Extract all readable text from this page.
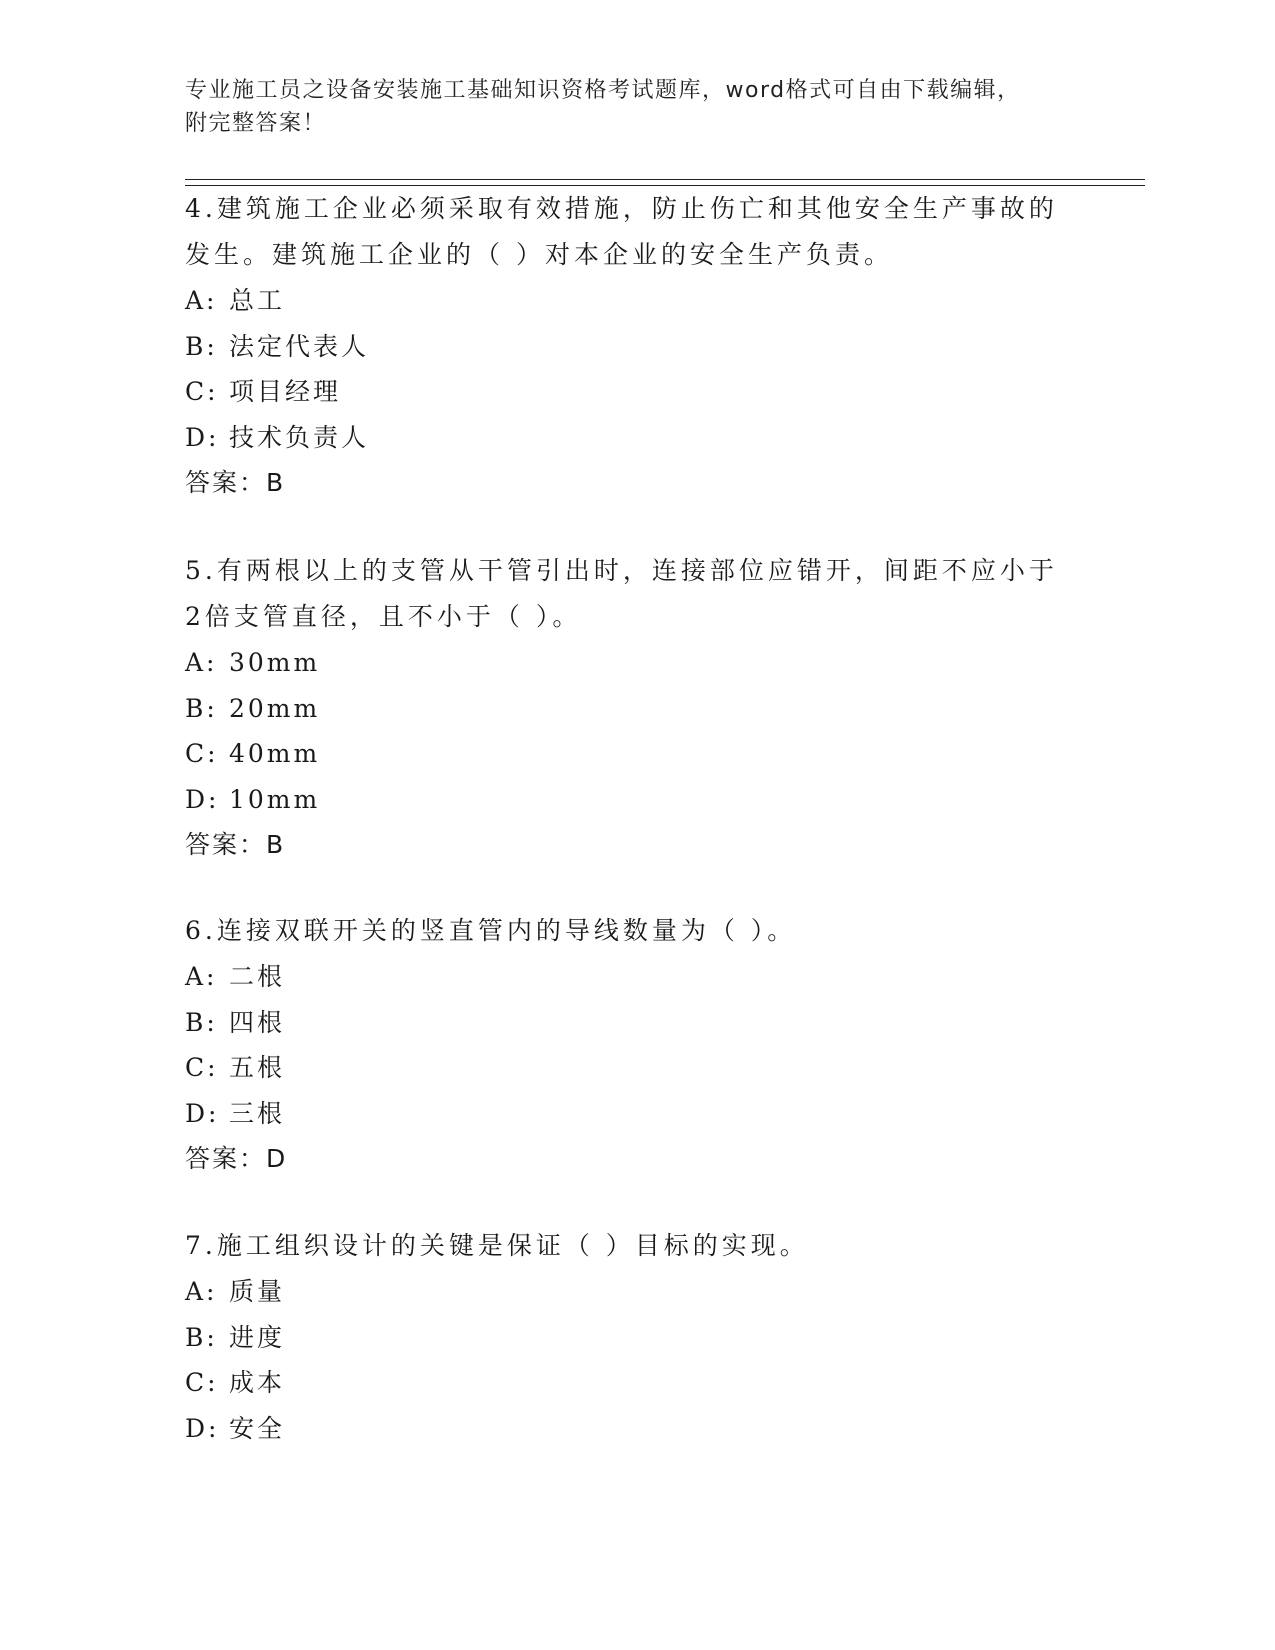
专业施工员之设备安装施工基础知识资格考试题库，word格式可自由下载编辑，
附完整答案！
4.建筑施工企业必须采取有效措施，防止伤亡和其他安全生产事故的
发生。建筑施工企业的（ ）对本企业的安全生产负责。
A: 总工
B: 法定代表人
C: 项目经理
D: 技术负责人
答案：B
5.有两根以上的支管从干管引出时，连接部位应错开，间距不应小于
2倍支管直径，且不小于（ ）。
A: 30mm
B: 20mm
C: 40mm
D: 10mm
答案：B
6.连接双联开关的竖直管内的导线数量为（ ）。
A: 二根
B: 四根
C: 五根
D: 三根
答案：D
7.施工组织设计的关键是保证（ ）目标的实现。
A: 质量
B: 进度
C: 成本
D: 安全
